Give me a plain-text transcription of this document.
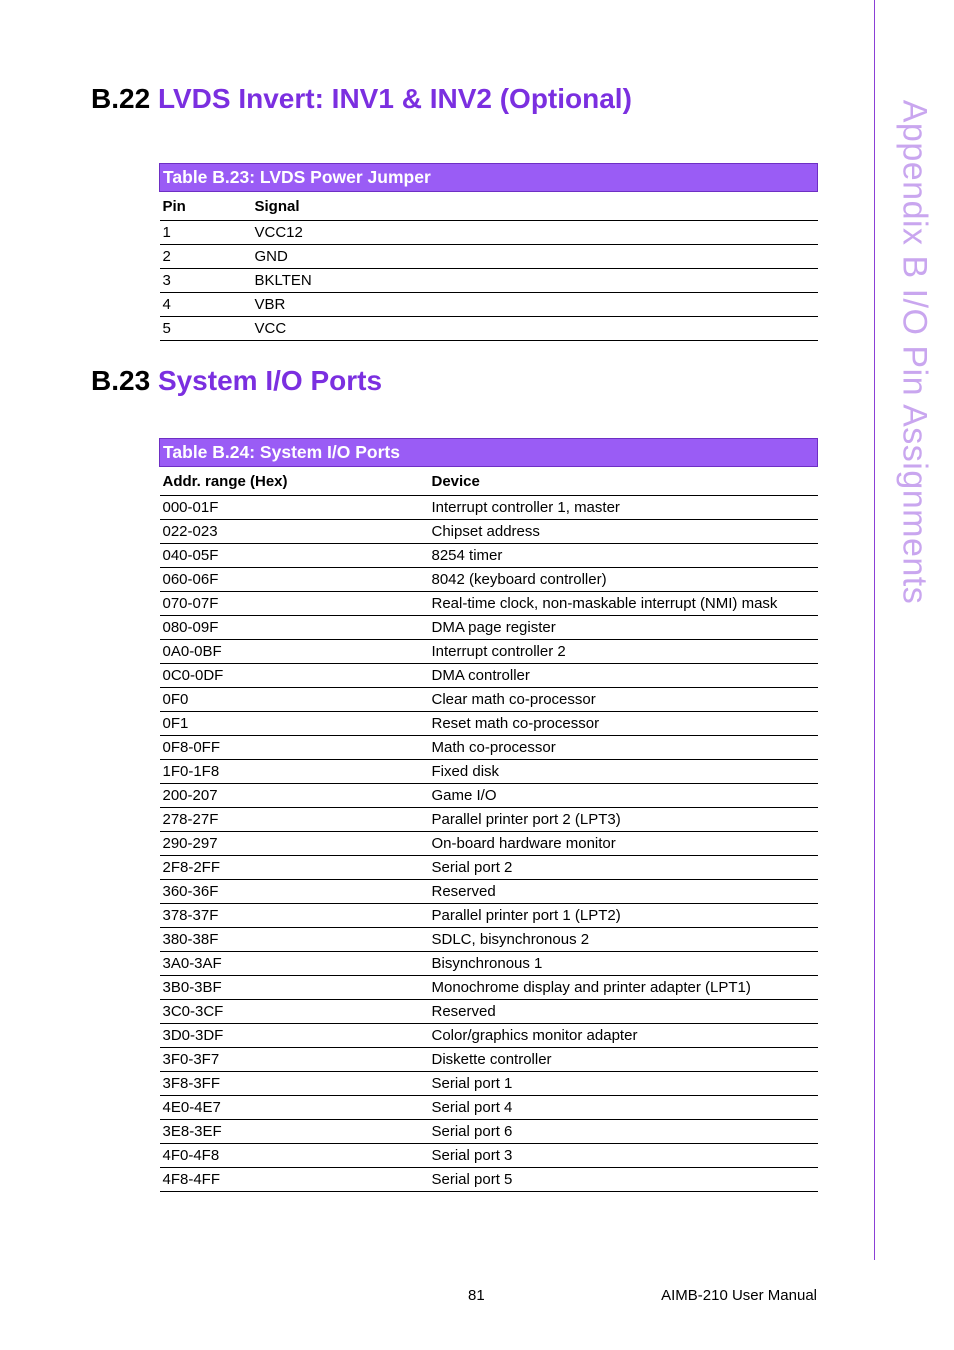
Appendix B I/O Pin Assignments
B.22 LVDS Invert: INV1 & INV2 (Optional)
Table B.23: LVDS Power Jumper	
Pin	Signal
1	VCC12
2	GND
3	BKLTEN
4	VBR
5	VCC
B.23 System I/O Ports
Table B.24: System I/O Ports	
Addr. range (Hex)	Device
000-01F	Interrupt controller 1, master
022-023	Chipset address
040-05F	8254 timer
060-06F	8042 (keyboard controller)
070-07F	Real-time clock, non-maskable interrupt (NMI) mask
080-09F	DMA page register
0A0-0BF	Interrupt controller 2
0C0-0DF	DMA controller
0F0	Clear math co-processor
0F1	Reset math co-processor
0F8-0FF	Math co-processor
1F0-1F8	Fixed disk
200-207	Game I/O
278-27F	Parallel printer port 2 (LPT3)
290-297	On-board hardware monitor
2F8-2FF	Serial port 2
360-36F	Reserved
378-37F	Parallel printer port 1 (LPT2)
380-38F	SDLC, bisynchronous 2
3A0-3AF	Bisynchronous 1
3B0-3BF	Monochrome display and printer adapter (LPT1)
3C0-3CF	Reserved
3D0-3DF	Color/graphics monitor adapter
3F0-3F7	Diskette controller
3F8-3FF	Serial port 1
4E0-4E7	Serial port 4
3E8-3EF	Serial port 6
4F0-4F8	Serial port 3
4F8-4FF	Serial port 5
81	AIMB-210 User Manual
